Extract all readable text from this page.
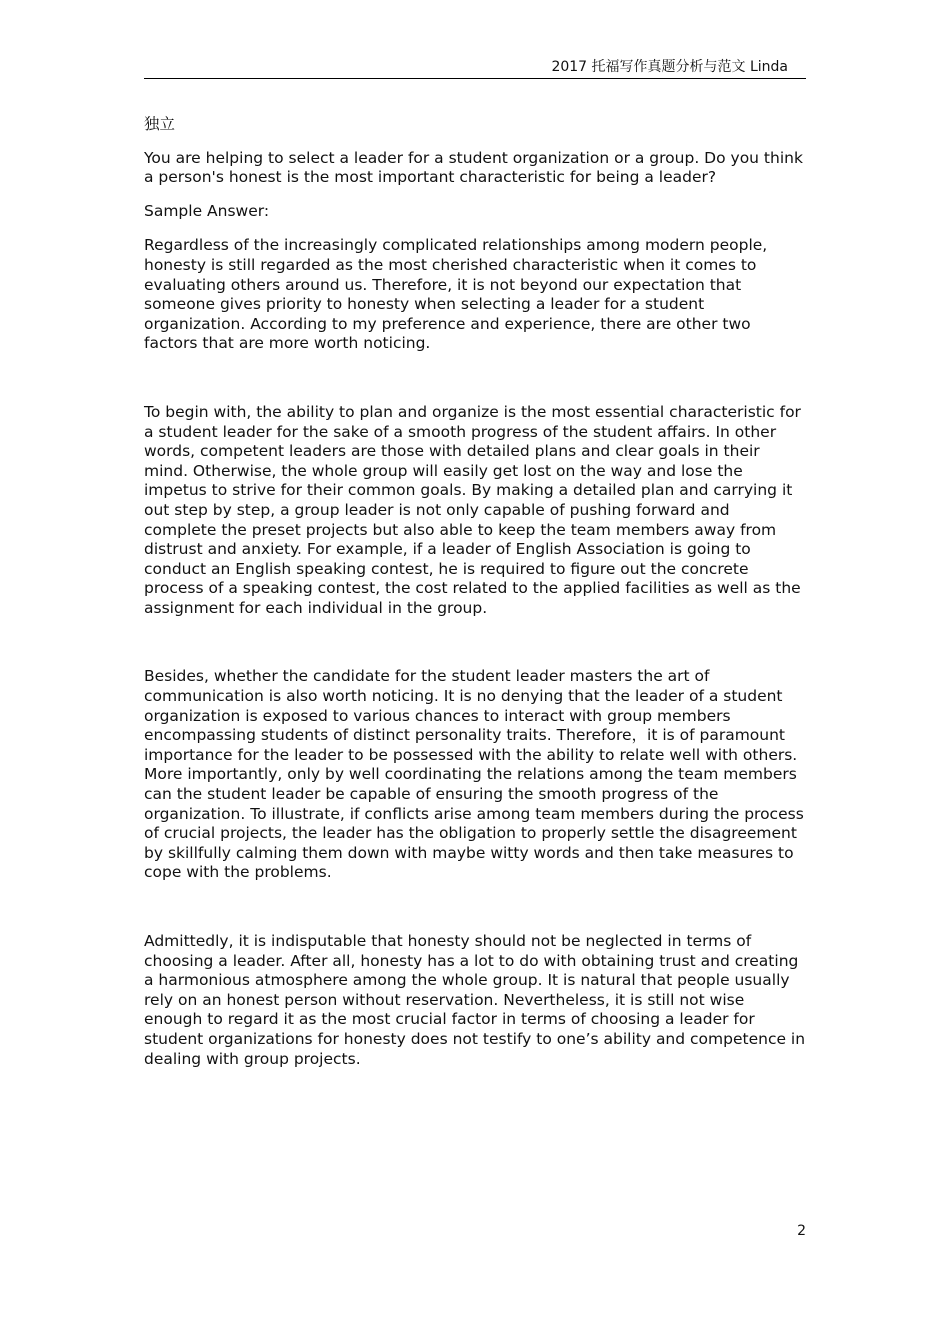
2017 托福写作真题分析与范文 Linda

独立

You are helping to select a leader for a student organization or a group. Do you think a person's honest is the most important characteristic for being a leader?

Sample Answer:

Regardless of the increasingly complicated relationships among modern people, honesty is still regarded as the most cherished characteristic when it comes to evaluating others around us. Therefore, it is not beyond our expectation that someone gives priority to honesty when selecting a leader for a student organization. According to my preference and experience, there are other two factors that are more worth noticing.

To begin with, the ability to plan and organize is the most essential characteristic for a student leader for the sake of a smooth progress of the student affairs. In other words, competent leaders are those with detailed plans and clear goals in their mind. Otherwise, the whole group will easily get lost on the way and lose the impetus to strive for their common goals. By making a detailed plan and carrying it out step by step, a group leader is not only capable of pushing forward and complete the preset projects but also able to keep the team members away from distrust and anxiety. For example, if a leader of English Association is going to conduct an English speaking contest, he is required to figure out the concrete process of a speaking contest, the cost related to the applied facilities as well as the assignment for each individual in the group.

Besides, whether the candidate for the student leader masters the art of communication is also worth noticing. It is no denying that the leader of a student organization is exposed to various chances to interact with group members encompassing students of distinct personality traits. Therefore，it is of paramount importance for the leader to be possessed with the ability to relate well with others. More importantly, only by well coordinating the relations among the team members can the student leader be capable of ensuring the smooth progress of the organization. To illustrate, if conflicts arise among team members during the process of crucial projects, the leader has the obligation to properly settle the disagreement by skillfully calming them down with maybe witty words and then take measures to cope with the problems.

Admittedly, it is indisputable that honesty should not be neglected in terms of choosing a leader. After all, honesty has a lot to do with obtaining trust and creating a harmonious atmosphere among the whole group. It is natural that people usually rely on an honest person without reservation. Nevertheless, it is still not wise enough to regard it as the most crucial factor in terms of choosing a leader for student organizations for honesty does not testify to one’s ability and competence in dealing with group projects.

2
